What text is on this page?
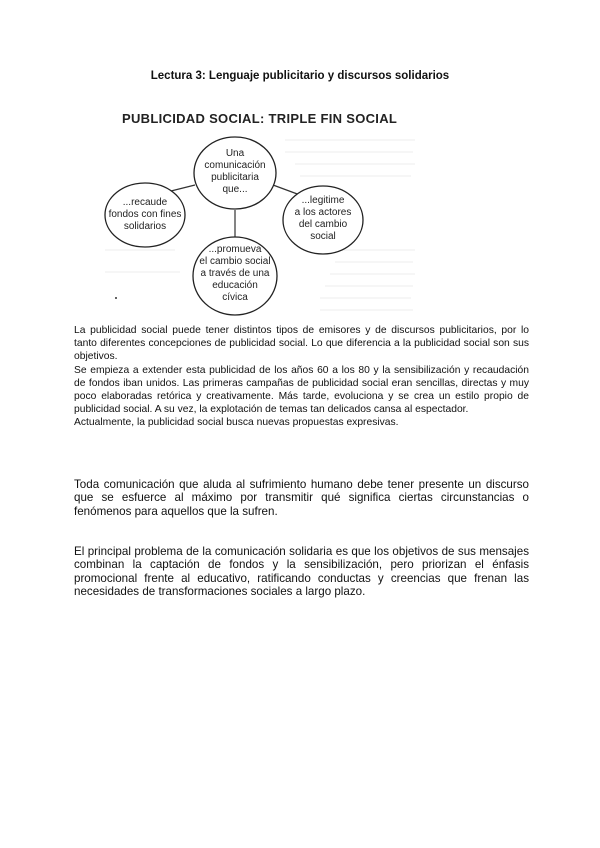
Lectura 3: Lenguaje publicitario y discursos solidarios
PUBLICIDAD SOCIAL: TRIPLE FIN SOCIAL
Una
comunicación
publicitaria
que...
...recaude
fondos con fines
solidarios
...legitime
a los actores
del cambio
social
...promueva
el cambio social
a través de una
educación
cívica

La publicidad social puede tener distintos tipos de emisores y de discursos publicitarios, por lo tanto diferentes concepciones de publicidad social. Lo que diferencia a la publicidad social son sus objetivos.

Se empieza a extender esta publicidad de los años 60 a los 80 y la sensibilización y recaudación de fondos iban unidos. Las primeras campañas de publicidad social eran sencillas, directas y muy poco elaboradas retórica y creativamente. Más tarde, evoluciona y se crea un estilo propio de publicidad social. A su vez, la explotación de temas tan delicados cansa al espectador.

Actualmente, la publicidad social busca nuevas propuestas expresivas.

Toda comunicación que aluda al sufrimiento humano debe tener presente un discurso que se esfuerce al máximo por transmitir qué significa ciertas circunstancias o fenómenos para aquellos que la sufren.
El principal problema de la comunicación solidaria es que los objetivos de sus mensajes combinan la captación de fondos y la sensibilización, pero priorizan el énfasis promocional frente al educativo, ratificando conductas y creencias que frenan las necesidades de transformaciones sociales a largo plazo.
